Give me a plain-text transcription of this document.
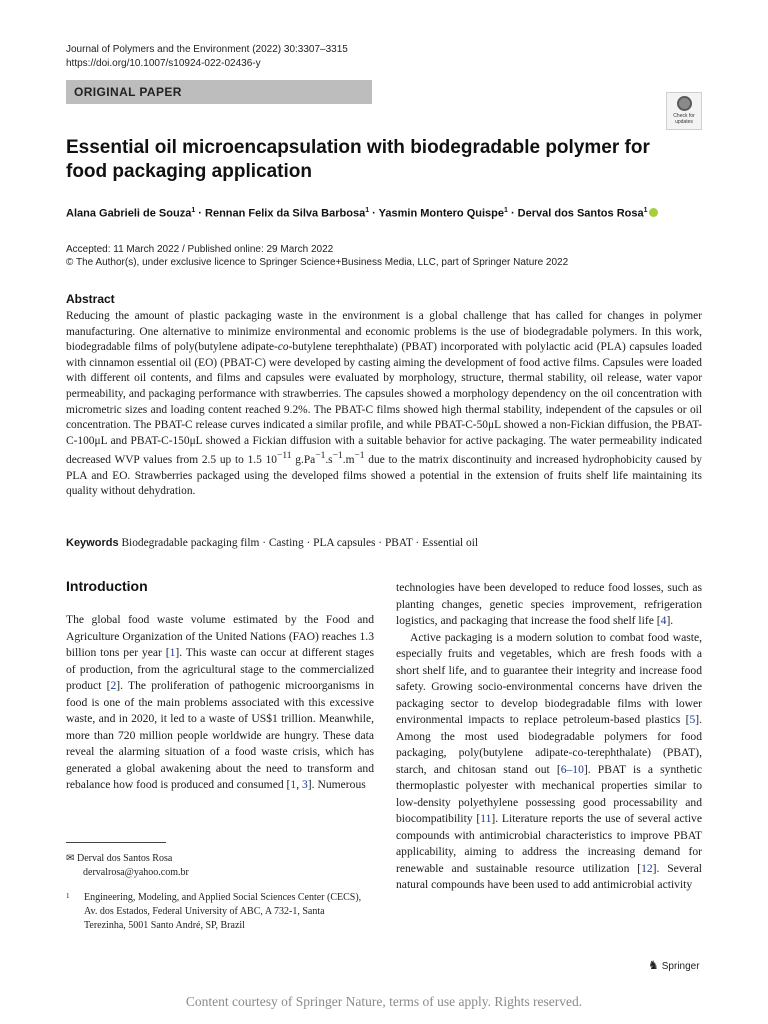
Journal of Polymers and the Environment (2022) 30:3307–3315
https://doi.org/10.1007/s10924-022-02436-y
ORIGINAL PAPER
Check for
updates
Essential oil microencapsulation with biodegradable polymer for food packaging application
Alana Gabrieli de Souza$^1$ · Rennan Felix da Silva Barbosa$^1$ · Yasmin Montero Quispe$^1$ · Derval dos Santos Rosa$^1$
Accepted: 11 March 2022 / Published online: 29 March 2022
© The Author(s), under exclusive licence to Springer Science+Business Media, LLC, part of Springer Nature 2022
Abstract
Reducing the amount of plastic packaging waste in the environment is a global challenge that has called for changes in polymer manufacturing. One alternative to minimize environmental and economic problems is the use of biodegradable polymers. In this work, biodegradable films of poly(butylene adipate-co-butylene terephthalate) (PBAT) incorporated with polylactic acid (PLA) capsules loaded with cinnamon essential oil (EO) (PBAT-C) were developed by casting aiming the development of food active films. Capsules were loaded with different oil contents, and films and capsules were evaluated by morphology, structure, thermal stability, oil release, water vapor permeability, and packaging performance with strawberries. The capsules showed a morphology dependency on the oil concentration with micrometric sizes and loading content reached 9.2%. The PBAT-C films showed high thermal stability, independent of the capsules or oil concentration. The PBAT-C release curves indicated a similar profile, and while PBAT-C-50μL showed a non-Fickian diffusion, the PBAT-C-100μL and PBAT-C-150μL showed a Fickian diffusion with a suitable behavior for active packaging. The water permeability indicated decreased WVP values from 2.5 up to 1.5 $10^{-11}$ $g.Pa^{-1}.s^{-1}.m^{-1}$ due to the matrix discontinuity and increased hydrophobicity caused by PLA and EO. Strawberries packaged using the developed films showed a potential in the extension of fruits shelf life maintaining its quality without dehydration.
Keywords Biodegradable packaging film · Casting · PLA capsules · PBAT · Essential oil
Introduction

The global food waste volume estimated by the Food and Agriculture Organization of the United Nations (FAO) reaches 1.3 billion tons per year [1]. This waste can occur at different stages of production, from the agricultural stage to the commercialized product [2]. The proliferation of pathogenic microorganisms in food is one of the main problems associated with this excessive waste, and in 2020, it led to a waste of US$1 trillion. Meanwhile, more than 720 million people worldwide are hungry. These data reveal the alarming situation of a food waste crisis, which has generated a global awakening about the need to transform and rebalance how food is produced and consumed [1, 3]. Numerous

technologies have been developed to reduce food losses, such as planting changes, genetic species improvement, refrigeration logistics, and packaging that increase the food shelf life [4].

Active packaging is a modern solution to combat food waste, especially fruits and vegetables, which are fresh foods with a short shelf life, and to guarantee their integrity and increase food safety. Growing socio-environmental concerns have driven the packaging sector to develop biodegradable films with lower environmental impacts to replace petroleum-based plastics [5]. Among the most used biodegradable polymers for food packaging, poly(butylene adipate-co-terephthalate) (PBAT), starch, and chitosan stand out [6–10]. PBAT is a synthetic thermoplastic polyester with mechanical properties similar to low-density polyethylene possessing good processability and biocompatibility [11]. Literature reports the use of several active compounds with antimicrobial characteristics to improve PBAT applicability, aiming to address the increasing demand for renewable and sustainable resource utilization [12]. Several natural compounds have been used to add antimicrobial activity

✉ Derval dos Santos Rosa
dervalrosa@yahoo.com.br
1 Engineering, Modeling, and Applied Social Sciences Center (CECS), Av. dos Estados, Federal University of ABC, A 732-1, Santa Terezinha, 5001 Santo André, SP, Brazil
♞ Springer
Content courtesy of Springer Nature, terms of use apply. Rights reserved.
